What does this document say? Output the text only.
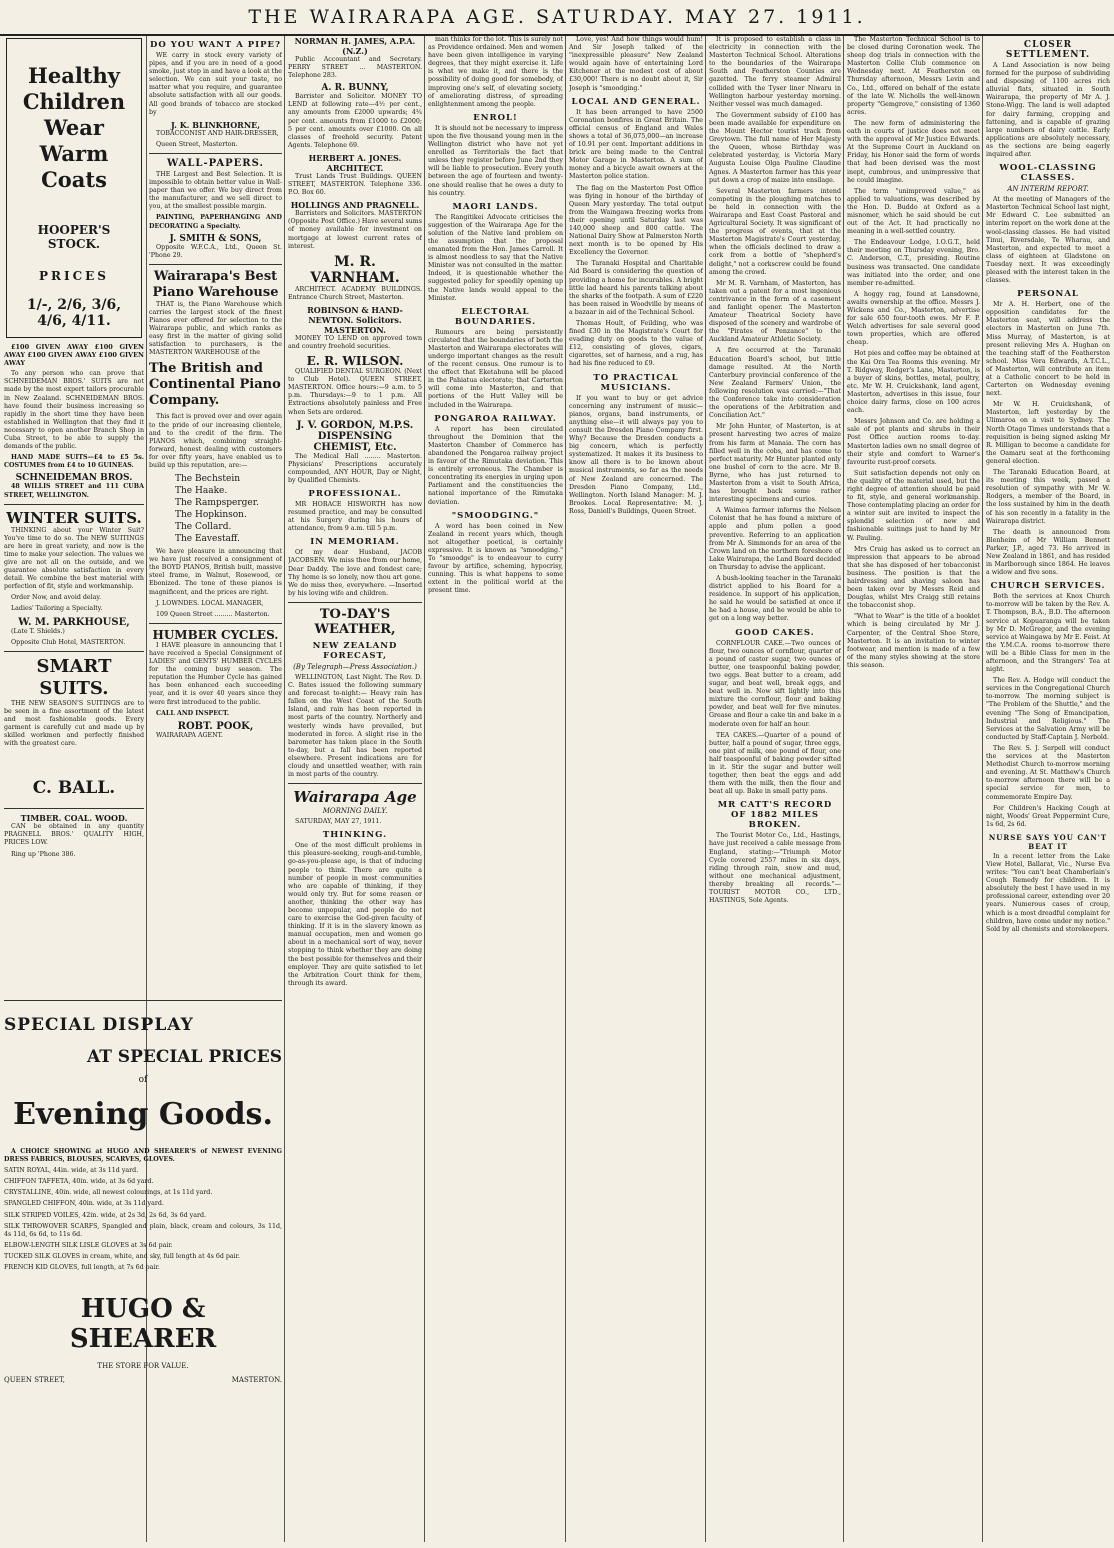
THE WAIRARAPA AGE. SATURDAY. MAY 27. 1911.
Healthy Children
Wear Warm Coats
HOOPER'S STOCK.
PRICES
1/-, 2/6, 3/6, 4/6, 4/11.

£100 GIVEN AWAY £100 GIVEN AWAY £100 GIVEN AWAY £100 GIVEN AWAY

To any person who can prove that SCHNEIDEMAN BROS.' SUITS are not made by the most expert tailors procurable in New Zealand. SCHNEIDEMAN BROS. have found their business increasing so rapidly in the short time they have been established in Wellington that they find it necessary to open another Branch Shop in Cuba Street, to be able to supply the demands of the public.

HAND MADE SUITS—£4 to £5 5s. COSTUMES from £4 to 10 GUINEAS.

SCHNEIDEMAN BROS.

48 WILLIS STREET and 111 CUBA STREET, WELLINGTON.

WINTER SUITS.

THINKING about your Winter Suit? You've time to do so. The NEW SUITINGS are here in great variety, and now is the time to make your selection. The values we give are not all on the outside, and we guarantee absolute satisfaction in every detail. We combine the best material with perfection of fit, style and workmanship.

Order Now, and avoid delay.

Ladies' Tailoring a Specialty.

W. M. PARKHOUSE,

(Late T. Shields.)

Opposite Club Hotel, MASTERTON.

SMART SUITS.

THE NEW SEASON'S SUITINGS are to be seen in a fine assortment of the latest and most fashionable goods. Every garment is carefully cut and made up by skilled workmen and perfectly finished with the greatest care.

C. BALL.
TIMBER. COAL. WOOD.

CAN be obtained in any quantity PRAGNELL BROS.' QUALITY HIGH, PRICES LOW.

Ring up 'Phone 386.

DO YOU WANT A PIPE?

WE carry in stock every variety of pipes, and if you are in need of a good smoke, just step in and have a look at the selection. We can suit your taste, no matter what you require, and guarantee absolute satisfaction with all our goods. All good brands of tobacco are stocked by

J. K. BLINKHORNE,

TOBACCONIST AND HAIR-DRESSER,

Queen Street, Masterton.

WALL-PAPERS.

THE Largest and Best Selection. It is impossible to obtain better value in Wall-paper than we offer. We buy direct from the manufacturer, and we sell direct to you, at the smallest possible margin.

PAINTING, PAPERHANGING AND DECORATING a Specialty.

J. SMITH & SONS,

Opposite W.F.C.A., Ltd., Queen St. 'Phone 29.

Wairarapa's Best Piano Warehouse

THAT is, the Piano Warehouse which carries the largest stock of the finest Pianos ever offered for selection to the Wairarapa public, and which ranks as easy first in the matter of giving solid satisfaction to purchasers, is the MASTERTON WAREHOUSE of the

The British and Continental Piano Company.

This fact is proved over and over again to the pride of our increasing clientele, and to the credit of the firm. The PIANOS which, combining straight-forward, honest dealing with customers for over fifty years, have enabled us to build up this reputation, are:—

The Bechstein
The Haake.
The Rampsperger.
The Hopkinson.
The Collard.
The Eavestaff.

We have pleasure in announcing that we have just received a consignment of the BOYD PIANOS, British built, massive steel frame, in Walnut, Rosewood, or Ebonized. The tone of these pianos is magnificent, and the prices are right.

J. LOWNDES. LOCAL MANAGER,

109 Queen Street ......... Masterton.

HUMBER CYCLES.

I HAVE pleasure in announcing that I have received a Special Consignment of LADIES' and GENTS' HUMBER CYCLES for the coming busy season. The reputation the Humber Cycle has gained has been enhanced each succeeding year, and it is over 40 years since they were first introduced to the public.

CALL AND INSPECT.

ROBT. POOK,

WAIRARAPA AGENT.

SPECIAL DISPLAY
AT SPECIAL PRICES
of
Evening Goods.

A CHOICE SHOWING at HUGO AND SHEARER'S of NEWEST EVENING DRESS FABRICS, BLOUSES, SCARVES, GLOVES.

SATIN ROYAL, 44in. wide, at 3s 11d yard.

CHIFFON TAFFETA, 40in. wide, at 3s 6d yard.

CRYSTALLINE, 40in. wide, all newest colourings, at 1s 11d yard.

SPANGLED CHIFFON, 40in. wide, at 3s 11d yard.

SILK STRIPED VOILES, 42in. wide, at 2s 3d, 2s 6d, 3s 6d yard.

SILK THROWOVER SCARFS, Spangled and plain, black, cream and colours, 3s 11d, 4s 11d, 6s 6d, to 11s 6d.

ELBOW-LENGTH SILK LISLE GLOVES at 3s 6d pair.

TUCKED SILK GLOVES in cream, white, and sky, full length at 4s 6d pair.

FRENCH KID GLOVES, full length, at 7s 6d pair.

HUGO & SHEARER
THE STORE FOR VALUE.
QUEEN STREET,	MASTERTON.
NORMAN H. JAMES, A.P.A. (N.Z.)

Public Accountant and Secretary. PERRY STREET ... MASTERTON. Telephone 283.

A. R. BUNNY,

Barrister and Solicitor. MONEY TO LEND at following rate—4½ per cent., any amounts from £2000 upwards; 4¾ per cent. amounts from £1000 to £2000; 5 per cent. amounts over £1000. On all classes of freehold security. Patent Agents. Telephone 69.

HERBERT A. JONES. ARCHITECT.

Trust Lands Trust Buildings. QUEEN STREET, MASTERTON. Telephone 336. P.O. Box 60.

HOLLINGS AND PRAGNELL.

Barristers and Solicitors. MASTERTON (Opposite Post Office.) Have several sums of money available for investment on mortgage at lowest current rates of interest.

M. R. VARNHAM.

ARCHITECT. ACADEMY BUILDINGS. Entrance Church Street, Masterton.

ROBINSON & HAND-NEWTON. Solicitors. MASTERTON.

MONEY TO LEND on approved town and country freehold securities.

E. R. WILSON.

QUALIFIED DENTAL SURGEON. (Next to Club Hotel). QUEEN STREET, MASTERTON. Office hours:—9 a.m. to 5 p.m. Thursdays:—9 to 1 p.m. All Extractions absolutely painless and Free when Sets are ordered.

J. V. GORDON, M.P.S. DISPENSING CHEMIST, Etc.

The Medical Hall ........ Masterton. Physicians' Prescriptions accurately compounded, ANY HOUR, Day or Night, by Qualified Chemists.

PROFESSIONAL.

MR HORACE HISWORTH has now resumed practice, and may be consulted at his Surgery during his hours of attendance, from 9 a.m. till 5 p.m.

IN MEMORIAM.

Of my dear Husband, JACOB JACOBSEN. We miss thee from our home, Dear Daddy. The love and fondest care; Thy home is so lonely, now thou art gone. We do miss thee, everywhere. —Inserted by his loving wife and children.

TO-DAY'S WEATHER,
NEW ZEALAND FORECAST,
(By Telegraph—Press Association.)

WELLINGTON, Last Night. The Rev. D. C. Bates issued the following summary and forecast to-night:— Heavy rain has fallen on the West Coast of the South Island, and rain has been reported in most parts of the country. Northerly and westerly winds have prevailed, but moderated in force. A slight rise in the barometer has taken place in the South to-day, but a fall has been reported elsewhere. Present indications are for cloudy and unsettled weather, with rain in most parts of the country.

Wairarapa Age
MORNING DAILY.

SATURDAY, MAY 27, 1911.

THINKING.

One of the most difficult problems in this pleasure-seeking, rough-and-tumble, go-as-you-please age, is that of inducing people to think. There are quite a number of people in most communities who are capable of thinking, if they would only try. But for some reason or another, thinking the other way has become unpopular, and people do not care to exercise the God-given faculty of thinking. If it is in the slavery known as manual occupation, men and women go about in a mechanical sort of way, never stopping to think whether they are doing the best possible for themselves and their employer. They are quite satisfied to let the Arbitration Court think for them, through its award.

man thinks for the lot. This is surely not as Providence ordained. Men and women have been given intelligence in varying degrees, that they might exercise it. Life is what we make it, and there is the possibility of doing good for somebody, of improving one's self, of elevating society, of ameliorating distress, of spreading enlightenment among the people.

ENROL!

It is should not be necessary to impress upon the five thousand young men in the Wellington district who have not yet enrolled as Territorials the fact that unless they register before June 2nd they will be liable to prosecution. Every youth between the age of fourteen and twenty-one should realise that he owes a duty to his country.

MAORI LANDS.

The Rangitikei Advocate criticises the suggestion of the Wairarapa Age for the solution of the Native land problem on the assumption that the proposal emanated from the Hon. James Carroll. It is almost needless to say that the Native Minister was not consulted in the matter. Indeed, it is questionable whether the suggested policy for speedily opening up the Native lands would appeal to the Minister.

ELECTORAL BOUNDARIES.

Rumours are being persistently circulated that the boundaries of both the Masterton and Wairarapa electorates will undergo important changes as the result of the recent census. One rumour is to the effect that Eketahuna will be placed in the Pahiatua electorate; that Carterton will come into Masterton, and that portions of the Hutt Valley will be included in the Wairarapa.

PONGAROA RAILWAY.

A report has been circulated throughout the Dominion that the Masterton Chamber of Commerce has abandoned the Pongaroa railway project in favour of the Rimutaka deviation. This is entirely erroneous. The Chamber is concentrating its energies in urging upon Parliament and the constituencies the national importance of the Rimutaka deviation.

"SMOODGING."

A word has been coined in New Zealand in recent years which, though not altogether poetical, is certainly expressive. It is known as "smoodging." To "smoodge" is to endeavour to curry favour by artifice, scheming, hypocrisy, cunning. This is what happens to some extent in the political world at the present time.

Love, yes! And how things would hum! And Sir Joseph talked of the "inexpressible pleasure" New Zealand would again have of entertaining Lord Kitchener at the modest cost of about £30,000! There is no doubt about it, Sir Joseph is "smoodging."

LOCAL AND GENERAL.

It has been arranged to have 2500 Coronation bonfires in Great Britain. The official census of England and Wales shows a total of 36,075,000—an increase of 10.91 per cent. Important additions in brick are being made to the Central Motor Garage in Masterton. A sum of money and a bicycle await owners at the Masterton police station.

The flag on the Masterton Post Office was flying in honour of the birthday of Queen Mary yesterday. The total output from the Waingawa freezing works from their opening until Saturday last was 140,000 sheep and 800 cattle. The National Dairy Show at Palmerston North next month is to be opened by His Excellency the Governor.

The Taranaki Hospital and Charitable Aid Board is considering the question of providing a home for incurables. A bright little lad heard his parents talking about the sharks of the footpath. A sum of £220 has been raised in Woodville by means of a bazaar in aid of the Technical School.

Thomas Hoult, of Feilding, who was fined £30 in the Magistrate's Court for evading duty on goods to the value of £12, consisting of gloves, cigars, cigarettes, set of harness, and a rug, has had his fine reduced to £9.

TO PRACTICAL MUSICIANS.

If you want to buy or get advice concerning any instrument of music—pianos, organs, band instruments, or anything else—it will always pay you to consult the Dresden Piano Company first. Why? Because the Dresden conducts a big concern, which is perfectly systematized. It makes it its business to know all there is to be known about musical instruments, so far as the needs of New Zealand are concerned. The Dresden Piano Company, Ltd., Wellington. North Island Manager: M. J. Brookes. Local Representative: M. J. Ross, Daniell's Buildings, Queen Street.

It is proposed to establish a class in electricity in connection with the Masterton Technical School. Alterations to the boundaries of the Wairarapa South and Featherston Counties are gazetted. The ferry steamer Admiral collided with the Tyser liner Niwaru in Wellington harbour yesterday morning. Neither vessel was much damaged.

The Government subsidy of £100 has been made available for expenditure on the Mount Hector tourist track from Greytown. The full name of Her Majesty the Queen, whose Birthday was celebrated yesterday, is Victoria Mary Augusta Louise Olga Pauline Claudine Agnes. A Masterton farmer has this year put down a crop of maize into ensilage.

Several Masterton farmers intend competing in the ploughing matches to be held in connection with the Wairarapa and East Coast Pastoral and Agricultural Society. It was significant of the progress of events, that at the Masterton Magistrate's Court yesterday, when the officials declined to draw a cork from a bottle of "shepherd's delight," not a corkscrew could be found among the crowd.

Mr M. R. Varnham, of Masterton, has taken out a patent for a most ingenious contrivance in the form of a casement and fanlight opener. The Masterton Amateur Theatrical Society have disposed of the scenery and wardrobe of the "Pirates of Penzance" to the Auckland Amateur Athletic Society.

A fire occurred at the Taranaki Education Board's school, but little damage resulted. At the North Canterbury provincial conference of the New Zealand Farmers' Union, the following resolution was carried:—"That the Conference take into consideration the operations of the Arbitration and Conciliation Act."

Mr John Hunter, of Masterton, is at present harvesting two acres of maize from his farm at Manaia. The corn has filled well in the cobs, and has come to perfect maturity. Mr Hunter planted only one bushel of corn to the acre. Mr B. Byrne, who has just returned to Masterton from a visit to South Africa, has brought back some rather interesting specimens and curios.

A Waimea farmer informs the Nelson Colonist that he has found a mixture of apple and plum pollen a good preventive. Referring to an application from Mr A. Simmonds for an area of the Crown land on the northern foreshore of Lake Wairarapa, the Land Board decided on Thursday to advise the applicant.

A bush-looking teacher in the Taranaki district applied to his Board for a residence. In support of his application, he said he would be satisfied at once if he had a house, and he would be able to get on a long way better.

GOOD CAKES.

CORNFLOUR CAKE.—Two ounces of flour, two ounces of cornflour, quarter of a pound of castor sugar, two ounces of butter, one teaspoonful baking powder, two eggs. Beat butter to a cream, add sugar, and beat well, break eggs, and beat well in. Now sift lightly into this mixture the cornflour, flour and baking powder, and beat well for five minutes. Grease and flour a cake tin and bake in a moderate oven for half an hour.

TEA CAKES.—Quarter of a pound of butter, half a pound of sugar, three eggs, one pint of milk, one pound of flour, one half teaspoonful of baking powder sifted in it. Stir the sugar and butter well together, then beat the eggs and add them with the milk, then the flour and beat all up. Bake in small patty pans.

MR CATT'S RECORD OF 1882 MILES BROKEN.

The Tourist Motor Co., Ltd., Hastings, have just received a cable message from England, stating:—"Triumph Motor Cycle covered 2557 miles in six days, riding through rain, snow and mud, without one mechanical adjustment, thereby breaking all records."—TOURIST MOTOR CO., LTD., HASTINGS, Sole Agents.

The Masterton Technical School is to be closed during Coronation week. The sheep dog trials in connection with the Masterton Collie Club commence on Wednesday next. At Featherston on Thursday afternoon, Messrs Levin and Co., Ltd., offered on behalf of the estate of the late W. Nicholls the well-known property "Gemgrove," consisting of 1360 acres.

The new form of administering the oath in courts of justice does not meet with the approval of Mr Justice Edwards. At the Supreme Court in Auckland on Friday, his Honor said the form of words that had been devised was the most inept, cumbrous, and unimpressive that he could imagine.

The term "unimproved value," as applied to valuations, was described by the Hon. D. Buddo at Oxford as a misnomer, which he said should be cut out of the Act. It had practically no meaning in a well-settled country.

The Endeavour Lodge, I.O.G.T., held their meeting on Thursday evening, Bro. C. Anderson, C.T., presiding. Routine business was transacted. One candidate was initiated into the order, and one member re-admitted.

A hoggy rag, found at Lansdowne, awaits ownership at the office. Messrs J. Wickens and Co., Masterton, advertise for sale 650 four-tooth ewes. Mr F. P. Welch advertises for sale several good town properties, which are offered cheap.

Hot pies and coffee may be obtained at the Kai Ora Tea Rooms this evening. Mr T. Ridgway, Rodger's Lane, Masterton, is a buyer of skins, bottles, metal, poultry, etc. Mr W. H. Cruickshank, land agent, Masterton, advertises in this issue, four choice dairy farms, close on 100 acres each.

Messrs Johnson and Co. are holding a sale of pot plants and shrubs in their Post Office auction rooms to-day. Masterton ladies own no small degree of their style and comfort to Warner's favourite rust-proof corsets.

Suit satisfaction depends not only on the quality of the material used, but the right degree of attention should be paid to fit, style, and general workmanship. Those contemplating placing an order for a winter suit are invited to inspect the splendid selection of new and fashionable suitings just to hand by Mr W. Pauling.

Mrs Craig has asked us to correct an impression that appears to be abroad that she has disposed of her tobacconist business. The position is that the hairdressing and shaving saloon has been taken over by Messrs Reid and Douglas, whilst Mrs Craigg still retains the tobacconist shop.

"What to Wear" is the title of a booklet which is being circulated by Mr J. Carpenter, of the Central Shoe Store, Masterton. It is an invitation to winter footwear, and mention is made of a few of the many styles showing at the store this season.

CLOSER SETTLEMENT.

A Land Association is now being formed for the purpose of subdividing and disposing of 1100 acres rich alluvial flats, situated in South Wairarapa, the property of Mr A. J. Stone-Wigg. The land is well adapted for dairy farming, cropping and fattening, and is capable of grazing large numbers of dairy cattle. Early applications are absolutely necessary, as the sections are being eagerly inquired after.

WOOL-CLASSING CLASSES.
AN INTERIM REPORT.

At the meeting of Managers of the Masterton Technical School last night, Mr Edward C. Lee submitted an interim report on the work done at the wool-classing classes. He had visited Tinui, Riversdale, Te Wharau, and Masterton, and expected to meet a class of eighteen at Gladstone on Tuesday next. It was exceedingly pleased with the interest taken in the classes.

PERSONAL

Mr A. H. Herbert, one of the opposition candidates for the Masterton seat, will address the electors in Masterton on June 7th. Miss Murray, of Masterton, is at present relieving Mrs A. Hughan on the teaching staff of the Featherston school. Miss Vera Edwards, A.T.C.L., of Masterton, will contribute an item at a Catholic concert to be held in Carterton on Wednesday evening next.

Mr W. H. Cruickshank, of Masterton, left yesterday by the Ulimaroa on a visit to Sydney. The North Otago Times understands that a requisition is being signed asking Mr R. Milligan to become a candidate for the Oamaru seat at the forthcoming general election.

The Taranaki Education Board, at its meeting this week, passed a resolution of sympathy with Mr W. Rodgers, a member of the Board, in the loss sustained by him in the death of his son recently in a fatality in the Wairarapa district.

The death is announced from Blenheim of Mr William Bennett Parker, J.P., aged 73. He arrived in New Zealand in 1861, and has resided in Marlborough since 1864. He leaves a widow and five sons.

CHURCH SERVICES.

Both the services at Knox Church to-morrow will be taken by the Rev. A. T. Thompson, B.A., B.D. The afternoon service at Kopuaranga will be taken by Mr D. McGregor, and the evening service at Waingawa by Mr E. Feist. At the Y.M.C.A. rooms to-morrow there will be a Bible Class for men in the afternoon, and the Strangers' Tea at night.

The Rev. A. Hodge will conduct the services in the Congregational Church to-morrow. The morning subject is "The Problem of the Shuttle," and the evening "The Song of Emancipation, Industrial and Religious." The Services at the Salvation Army will be conducted by Staff-Captain J. Nerbold.

The Rev. S. J. Serpell will conduct the services at the Masterton Methodist Church to-morrow morning and evening. At St. Matthew's Church to-morrow afternoon there will be a special service for men, to commemorate Empire Day.

For Children's Hacking Cough at night, Woods' Great Peppermint Cure, 1s 6d, 2s 6d.

NURSE SAYS YOU CAN'T BEAT IT

In a recent letter from the Lake View Hotel, Ballarat, Vic., Nurse Eva writes: "You can't beat Chamberlain's Cough Remedy for children. It is absolutely the best I have used in my professional career, extending over 20 years. Numerous cases of croup, which is a most dreadful complaint for children, have come under my notice." Sold by all chemists and storekeepers.
